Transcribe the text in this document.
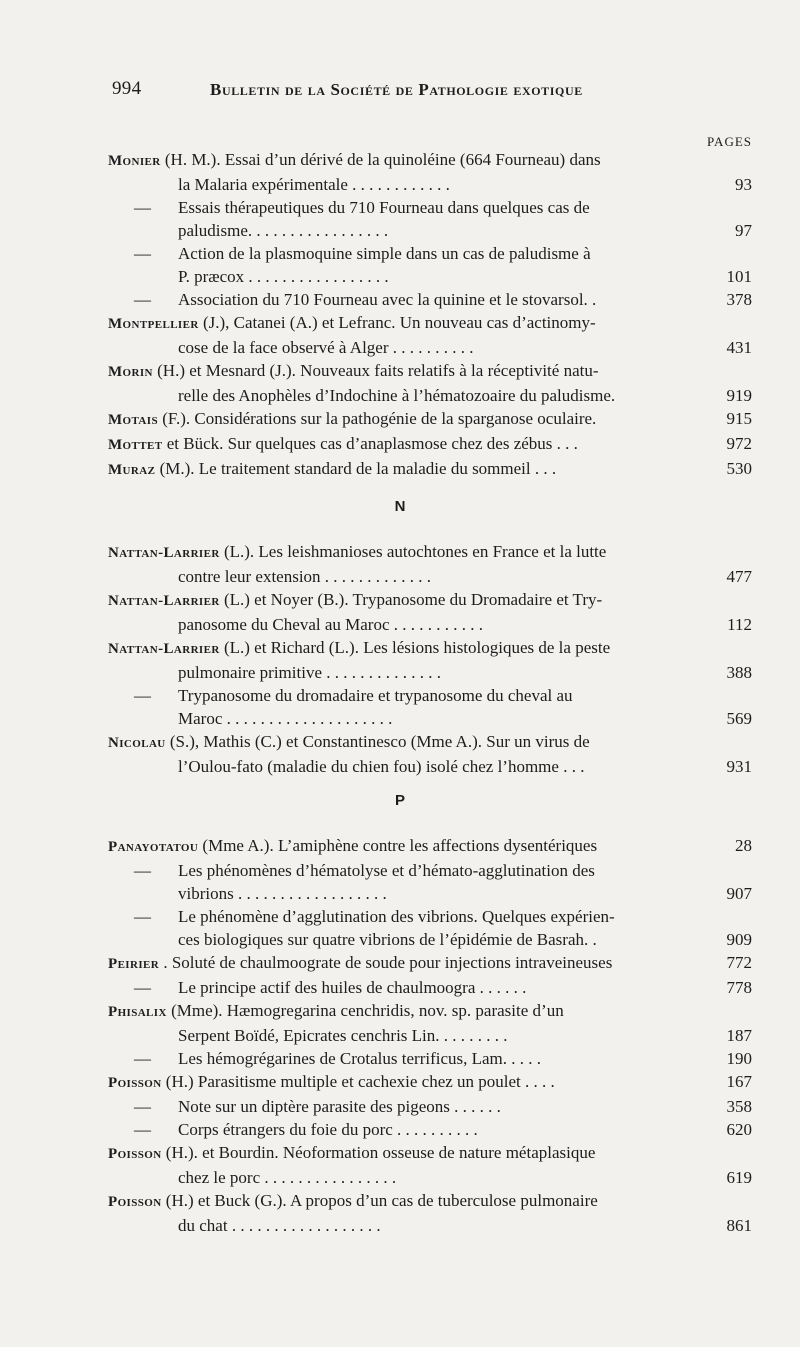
994	Bulletin de la Société de Pathologie exotique
PAGES
Monier (H. M.). Essai d’un dérivé de la quinoléine (664 Fourneau) dans
la Malaria expérimentale . . . . . . . . . . . .	93
— Essais thérapeutiques du 710 Fourneau dans quelques cas de
paludisme. . . . . . . . . . . . . . . . .	97
— Action de la plasmoquine simple dans un cas de paludisme à
P. præcox . . . . . . . . . . . . . . . . .	101
— Association du 710 Fourneau avec la quinine et le stovarsol. .	378
Montpellier (J.), Catanei (A.) et Lefranc. Un nouveau cas d’actinomy-
cose de la face observé à Alger . . . . . . . . . .	431
Morin (H.) et Mesnard (J.). Nouveaux faits relatifs à la réceptivité natu-
relle des Anophèles d’Indochine à l’hématozoaire du paludisme.	919
Motais (F.). Considérations sur la pathogénie de la sparganose oculaire.	915
Mottet et Bück. Sur quelques cas d’anaplasmose chez des zébus . . .	972
Muraz (M.). Le traitement standard de la maladie du sommeil . . .	530
N
Nattan-Larrier (L.). Les leishmanioses autochtones en France et la lutte
contre leur extension . . . . . . . . . . . . .	477
Nattan-Larrier (L.) et Noyer (B.). Trypanosome du Dromadaire et Try-
panosome du Cheval au Maroc . . . . . . . . . . .	112
Nattan-Larrier (L.) et Richard (L.). Les lésions histologiques de la peste
pulmonaire primitive . . . . . . . . . . . . . .	388
— Trypanosome du dromadaire et trypanosome du cheval au
Maroc . . . . . . . . . . . . . . . . . . . .	569
Nicolau (S.), Mathis (C.) et Constantinesco (Mme A.). Sur un virus de
l’Oulou-fato (maladie du chien fou) isolé chez l’homme . . .	931
P
Panayotatou (Mme A.). L’amiphène contre les affections dysentériques	28
— Les phénomènes d’hématolyse et d’hémato-agglutination des
vibrions . . . . . . . . . . . . . . . . . .	907
— Le phénomène d’agglutination des vibrions. Quelques expérien-
ces biologiques sur quatre vibrions de l’épidémie de Basrah. .	909
Peirier . Soluté de chaulmoograte de soude pour injections intraveineuses	772
— Le principe actif des huiles de chaulmoogra . . . . . .	778
Phisalix (Mme). Hæmogregarina cenchridis, nov. sp. parasite d’un
Serpent Boïdé, Epicrates cenchris Lin. . . . . . . . .	187
— Les hémogrégarines de Crotalus terrificus, Lam. . . . .	190
Poisson (H.) Parasitisme multiple et cachexie chez un poulet . . . .	167
— Note sur un diptère parasite des pigeons . . . . . .	358
— Corps étrangers du foie du porc . . . . . . . . . .	620
Poisson (H.). et Bourdin. Néoformation osseuse de nature métaplasique
chez le porc . . . . . . . . . . . . . . . .	619
Poisson (H.) et Buck (G.). A propos d’un cas de tuberculose pulmonaire
du chat . . . . . . . . . . . . . . . . . .	861
